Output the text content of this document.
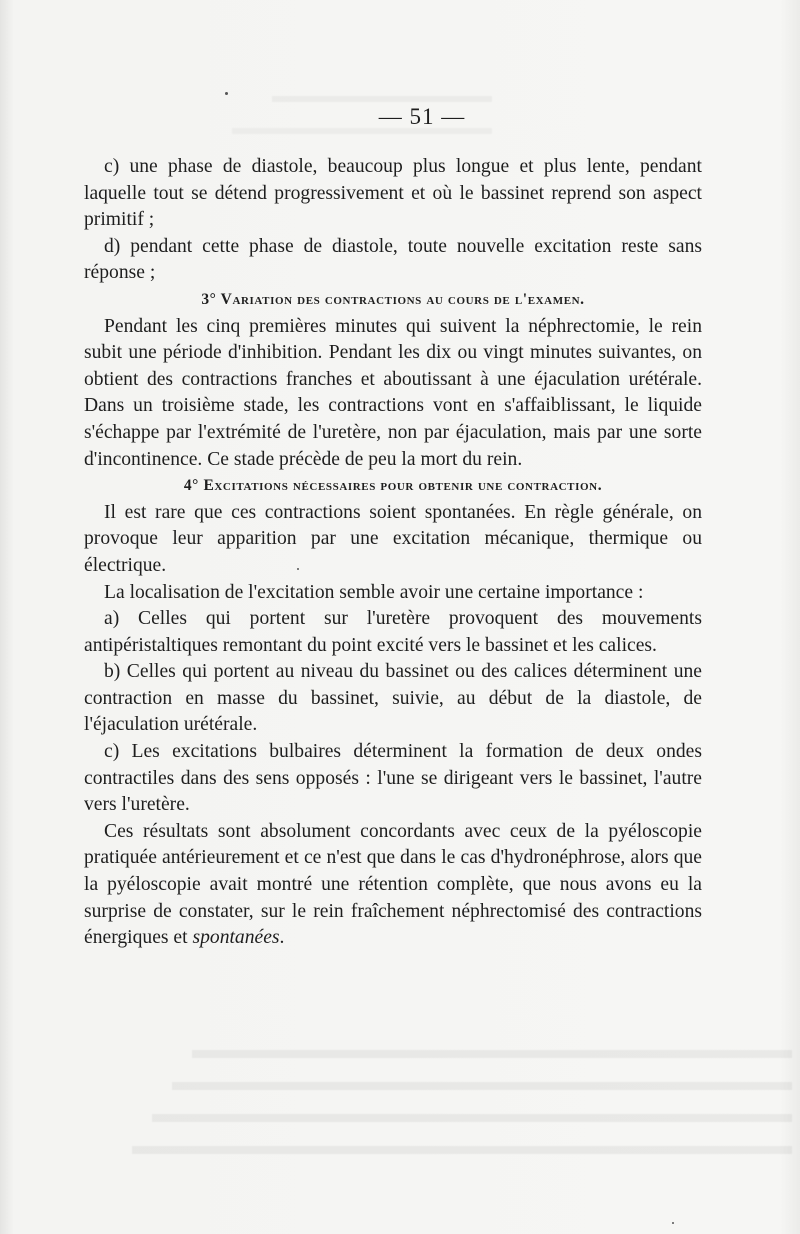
— 51 —

c) une phase de diastole, beaucoup plus longue et plus lente, pendant laquelle tout se détend progressivement et où le bassinet reprend son aspect primitif ;

d) pendant cette phase de diastole, toute nouvelle excitation reste sans réponse ;

3° Variation des contractions au cours de l'examen.

Pendant les cinq premières minutes qui suivent la néphrectomie, le rein subit une période d'inhibition. Pendant les dix ou vingt minutes suivantes, on obtient des contractions franches et aboutissant à une éjaculation urétérale. Dans un troisième stade, les contractions vont en s'affaiblissant, le liquide s'échappe par l'extrémité de l'uretère, non par éjaculation, mais par une sorte d'incontinence. Ce stade précède de peu la mort du rein.

4° Excitations nécessaires pour obtenir une contraction.

Il est rare que ces contractions soient spontanées. En règle générale, on provoque leur apparition par une excitation mécanique, thermique ou électrique.

La localisation de l'excitation semble avoir une certaine importance :

a) Celles qui portent sur l'uretère provoquent des mouvements antipéristaltiques remontant du point excité vers le bassinet et les calices.

b) Celles qui portent au niveau du bassinet ou des calices déterminent une contraction en masse du bassinet, suivie, au début de la diastole, de l'éjaculation urétérale.

c) Les excitations bulbaires déterminent la formation de deux ondes contractiles dans des sens opposés : l'une se dirigeant vers le bassinet, l'autre vers l'uretère.

Ces résultats sont absolument concordants avec ceux de la pyéloscopie pratiquée antérieurement et ce n'est que dans le cas d'hydronéphrose, alors que la pyéloscopie avait montré une rétention complète, que nous avons eu la surprise de constater, sur le rein fraîchement néphrectomisé des contractions énergiques et spontanées.
